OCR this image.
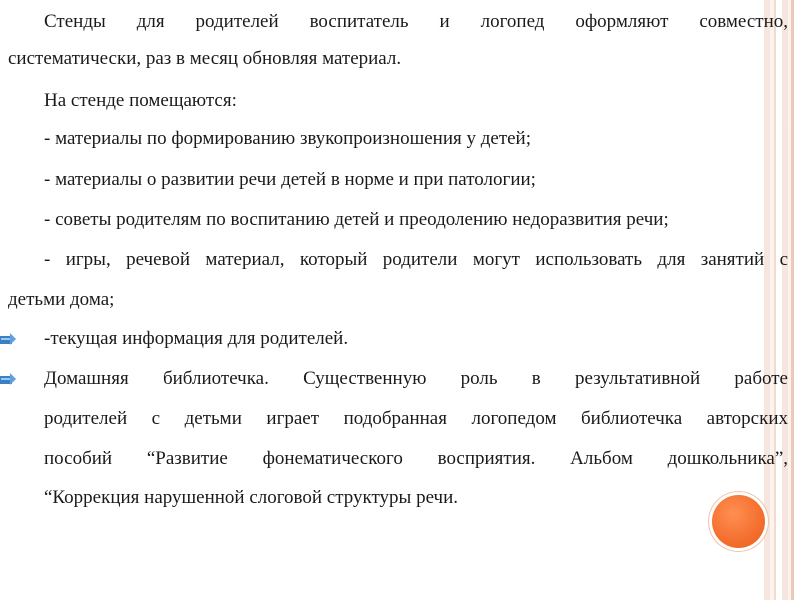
Стенды для родителей воспитатель и логопед оформляют совместно,
систематически, раз в месяц обновляя материал.
На стенде помещаются:
- материалы по формированию звукопроизношения у детей;
- материалы о развитии речи детей в норме и при патологии;
- советы родителям по воспитанию детей и преодолению недоразвития речи;
- игры, речевой материал, который родители могут использовать для занятий с
детьми дома;
-текущая информация для родителей.
Домашняя библиотечка. Существенную роль в результативной работе
родителей с детьми играет подобранная логопедом библиотечка авторских
пособий “Развитие фонематического восприятия. Альбом дошкольника”,
“Коррекция нарушенной слоговой структуры речи.
